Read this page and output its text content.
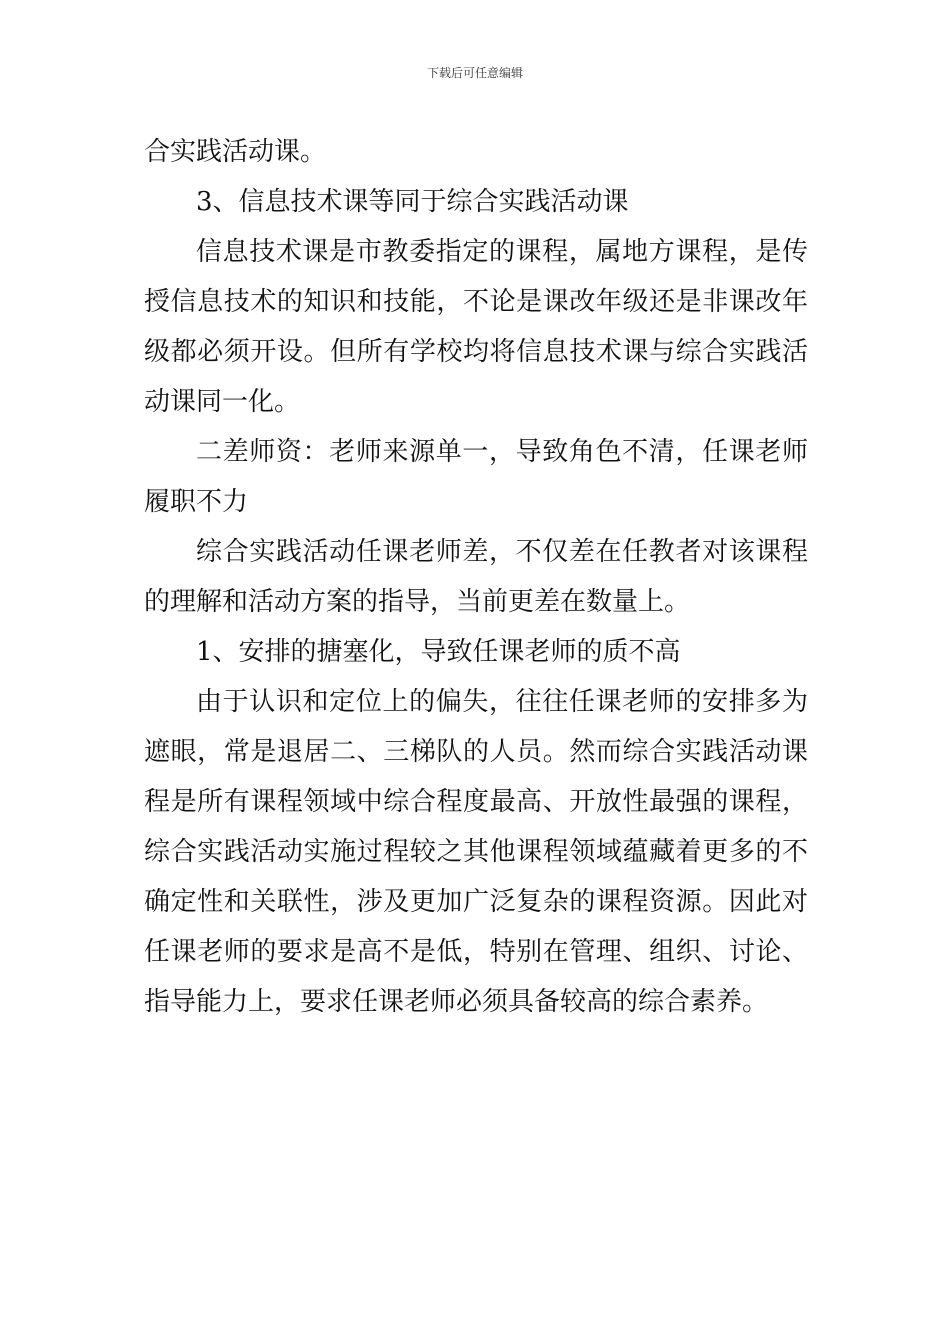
下载后可任意编辑

合实践活动课。

3、信息技术课等同于综合实践活动课

信息技术课是市教委指定的课程，属地方课程，是传授信息技术的知识和技能，不论是课改年级还是非课改年级都必须开设。但所有学校均将信息技术课与综合实践活动课同一化。

二差师资：老师来源单一，导致角色不清，任课老师履职不力

综合实践活动任课老师差，不仅差在任教者对该课程的理解和活动方案的指导，当前更差在数量上。

1、安排的搪塞化，导致任课老师的质不高

由于认识和定位上的偏失，往往任课老师的安排多为遮眼，常是退居二、三梯队的人员。然而综合实践活动课程是所有课程领域中综合程度最高、开放性最强的课程，综合实践活动实施过程较之其他课程领域蕴藏着更多的不确定性和关联性，涉及更加广泛复杂的课程资源。因此对任课老师的要求是高不是低，特别在管理、组织、讨论、指导能力上，要求任课老师必须具备较高的综合素养。
